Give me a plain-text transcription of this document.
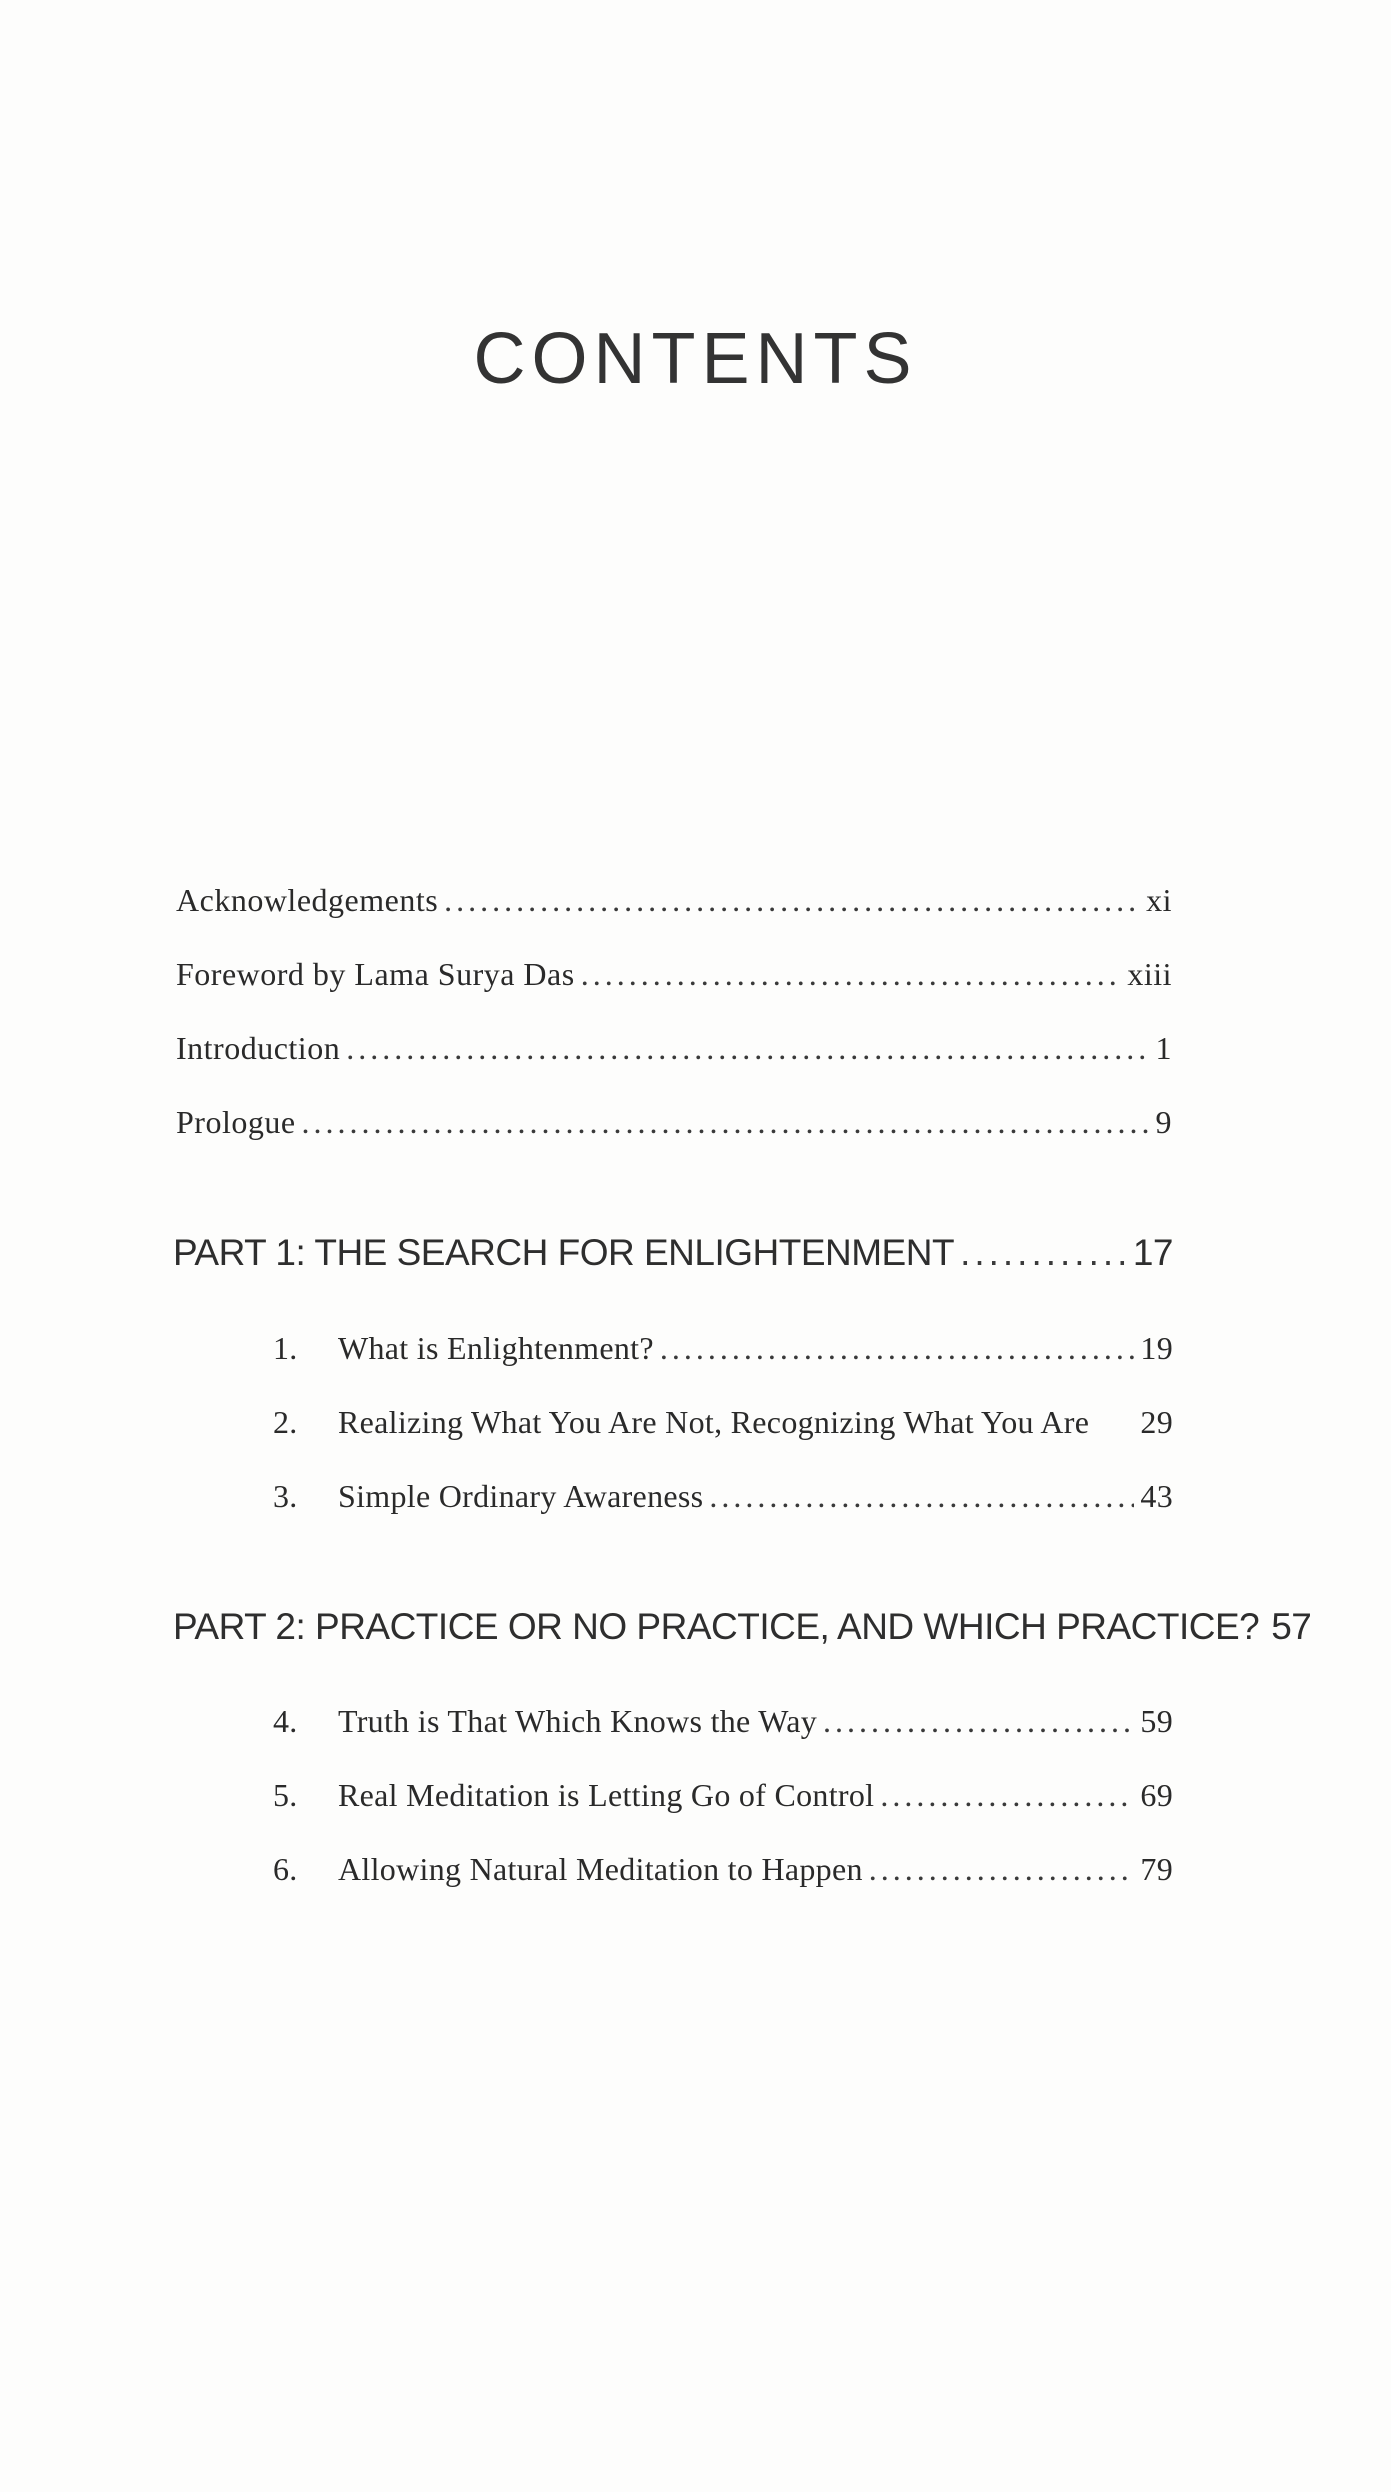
CONTENTS
Acknowledgements .....	xi
Foreword by Lama Surya Das .....	xiii
Introduction .....	1
Prologue .....	9
PART 1: THE SEARCH FOR ENLIGHTENMENT .....	17
1.	What is Enlightenment? .....	19
2.	Realizing What You Are Not, Recognizing What You Are 29
3.	Simple Ordinary Awareness .....	43
PART 2: PRACTICE OR NO PRACTICE, AND WHICH PRACTICE? 57
4.	Truth is That Which Knows the Way .....	59
5.	Real Meditation is Letting Go of Control .....	69
6.	Allowing Natural Meditation to Happen .....	79
